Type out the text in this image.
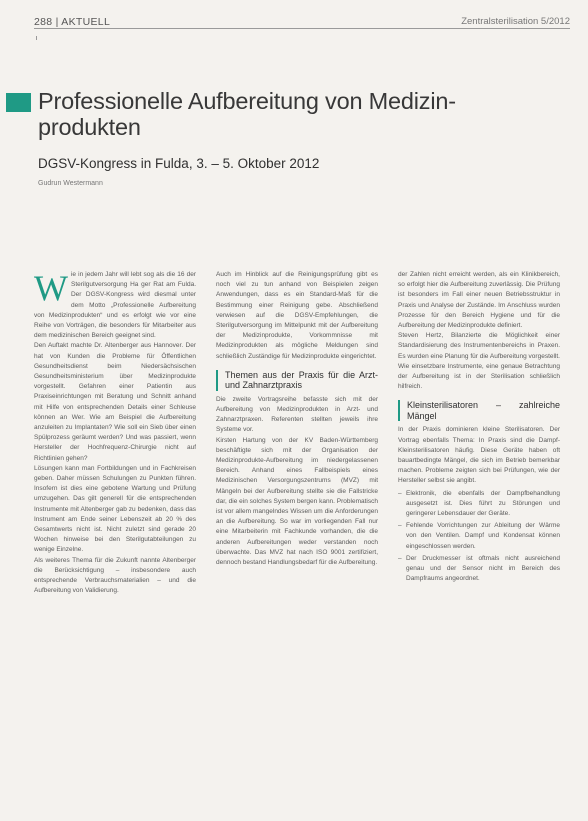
288 | AKTUELL	Zentralsterilisation 5/2012
Professionelle Aufbereitung von Medizin-produkten
DGSV-Kongress in Fulda, 3. – 5. Oktober 2012
Gudrun Westermann
W ie in jedem Jahr will lebt sog als die 16 der Sterilgutversorgung Ha ger Rat am Fulda. Der DGSV-Kongress wird diesmal unter dem Motto „Professionelle Aufbereitung von Medizinprodukten“ und es erfolgt wie vor eine Reihe von Vorträgen, die besonders für Mitarbeiter aus dem medizinischen Bereich geeignet sind.

Den Auftakt machte Dr. Altenberger aus Hannover. Der hat von Kunden die Probleme für Öffentlichen Gesundheitsdienst beim Niedersächsischen Gesundheitsministerium über Medizinprodukte vorgestellt. Gefahren einer Patientin aus Praxiseinrichtungen mit Beratung und Schnitt anhand mit Hilfe von entsprechenden Details einer Schleuse können an Wer. Wie am Beispiel die Aufbereitung anzuleiten zu Implantaten? Wie soll ein Sieb über einen Spülprozess geräumt werden? Und was passiert, wenn Hersteller der Hochfrequenz-Chirurgie nicht auf Richtlinien gehen?

Lösungen kann man Fortbildungen und in Fachkreisen geben. Daher müssen Schulungen zu Punkten führen. Insofern ist dies eine gebotene Wartung und Prüfung umzugehen. Das gilt generell für die entsprechenden Instrumente mit Altenberger gab zu bedenken, dass das Instrument am Ende seiner Lebenszeit ab 20 % des Gesamtwerts nicht ist. Nicht zuletzt sind gerade 20 Wochen hinweise bei den Sterilgutabteilungen zu wenige Einzelne.

Als weiteres Thema für die Zukunft nannte Altenberger die Berücksichtigung – insbesondere auch entsprechende Verbrauchsmaterialien – und die Aufbereitung von Validierung.

Auch im Hinblick auf die Reinigungsprüfung gibt es noch viel zu tun anhand von Beispielen zeigen Anwendungen, dass es ein Standard-Maß für die Bestimmung einer Reinigung gebe. Abschließend verwiesen auf die DGSV-Empfehlungen, die Sterilgutversorgung im Mittelpunkt mit der Aufbereitung der Medizinprodukte, Vorkommnisse mit Medizinprodukten als mögliche Meldungen sind schließlich Zuständige für Medizinprodukte eingerichtet.

Themen aus der Praxis für die Arzt- und Zahnarztpraxis

Die zweite Vortragsreihe befasste sich mit der Aufbereitung von Medizinprodukten in Arzt- und Zahnarztpraxen. Referenten stellten jeweils ihre Systeme vor.

Kirsten Hartung von der KV Baden-Württemberg beschäftigte sich mit der Organisation der Medizinprodukte-Aufbereitung im niedergelassenen Bereich. Anhand eines Fallbeispiels eines Medizinischen Versorgungszentrums (MVZ) mit Mängeln bei der Aufbereitung stellte sie die Fallstricke dar, die ein solches System bergen kann. Problematisch ist vor allem mangelndes Wissen um die Anforderungen an die Aufbereitung. So war im vorliegenden Fall nur eine Mitarbeiterin mit Fachkunde vorhanden, die die anderen Aufbereitungen weder verstanden noch überwachte. Das MVZ hat nach ISO 9001 zertifiziert, dennoch bestand Handlungsbedarf für die Aufbereitung.

der Zahlen nicht erreicht werden, als ein Klinikbereich, so erfolgt hier die Aufbereitung zuverlässig. Die Prüfung ist besonders im Fall einer neuen Betriebsstruktur in Praxis und Analyse der Zustände. Im Anschluss wurden Prozesse für den Bereich Hygiene und für die Aufbereitung der Medizinprodukte definiert.

Steven Hertz, Bilanzierte die Möglichkeit einer Standardisierung des Instrumentenbereichs in Praxen. Es wurden eine Planung für die Aufbereitung vorgestellt. Wie einsetzbare Instrumente, eine genaue Betrachtung der Aufbereitung ist in der Sterilisation schließlich hilfreich.

Kleinsterilisatoren – zahlreiche Mängel

In der Praxis dominieren kleine Sterilisatoren. Der Vortrag ebenfalls Thema: In Praxis sind die Dampf-Kleinsterilisatoren häufig. Diese Geräte haben oft bauartbedingte Mängel, die sich im Betrieb bemerkbar machen. Probleme zeigten sich bei Prüfungen, wie der Hersteller selbst sie angibt.

– Elektronik, die ebenfalls der Dampfbehandlung ausgesetzt ist. Dies führt zu Störungen und geringerer Lebensdauer der Geräte.
– Fehlende Vorrichtungen zur Ableitung der Wärme von den Ventilen. Dampf und Kondensat können eingeschlossen werden.
– Der Druckmesser ist oftmals nicht ausreichend genau und der Sensor nicht im Bereich des Dampfraums angeordnet.
